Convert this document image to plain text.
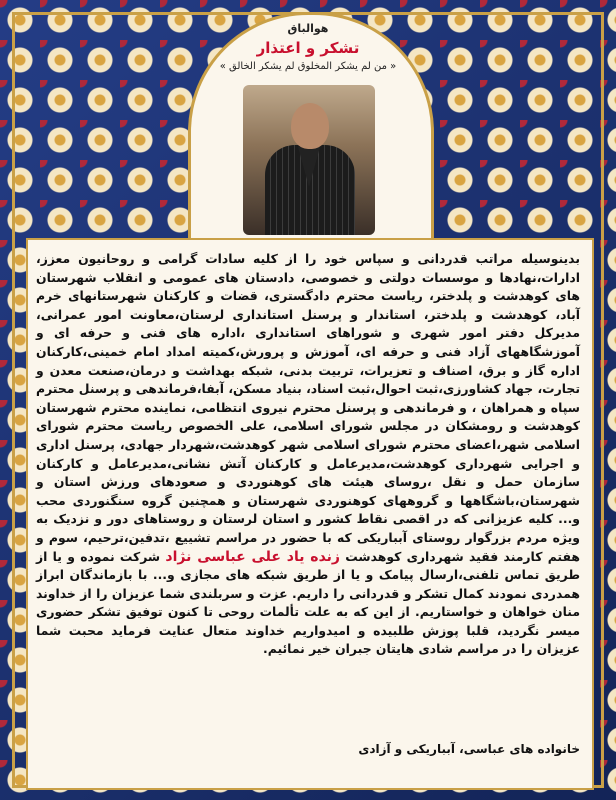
هوالباق
تشکر و اعتذار
« من لم یشکر المخلوق لم یشکر الخالق »
بدینوسیله مراتب قدردانی و سپاس خود را از کلیه سادات گرامی و روحانیون معزز، ادارات،نهادها و موسسات دولتی و خصوصی، دادستان های عمومی و انقلاب شهرستان های کوهدشت و پلدختر، ریاست محترم دادگستری، قضات و کارکنان شهرستانهای خرم آباد، کوهدشت و پلدختر، استاندار و پرسنل استانداری لرستان،معاونت امور عمرانی، مدیرکل دفتر امور شهری و شوراهای استانداری ،اداره های فنی و حرفه ای و آموزشگاههای آزاد فنی و حرفه ای، آموزش و پرورش،کمیته امداد امام خمینی،کارکنان اداره گاز و برق، اصناف و تعزیرات، تربیت بدنی، شبکه بهداشت و درمان،صنعت معدن و تجارت، جهاد کشاورزی،ثبت احوال،ثبت اسناد، بنیاد مسکن، آبفا،فرماندهی و پرسنل محترم سپاه و همراهان ، و فرماندهی و پرسنل محترم نیروی انتظامی، نماینده محترم شهرستان کوهدشت و رومشکان در مجلس شورای اسلامی، علی الخصوص ریاست محترم شورای اسلامی شهر،اعضای محترم شورای اسلامی شهر کوهدشت،شهردار جهادی، پرسنل اداری و اجرایی شهرداری کوهدشت،مدیرعامل و کارکنان آتش نشانی،مدیرعامل و کارکنان سازمان حمل و نقل ،روسای هیئت های کوهنوردی و صعودهای ورزش استان و شهرستان،باشگاهها و گروههای کوهنوردی شهرستان و همچنین گروه سنگنوردی محب و... کلیه عزیزانی که در اقصی نقاط کشور و استان لرستان و روستاهای دور و نزدیک به ویژه مردم بزرگوار روستای آبباریکی که با حضور در مراسم تشییع ،تدفین،ترحیم، سوم و هفتم کارمند فقید شهرداری کوهدشت زنده یاد علی عباسی نژاد شرکت نموده و یا از طریق تماس تلفنی،ارسال پیامک و یا از طریق شبکه های مجازی و... با بازماندگان ابراز همدردی نمودند کمال تشکر و قدردانی را داریم. عزت و سربلندی شما عزیزان را از خداوند منان خواهان و خواستاریم. از این که به علت تألمات روحی تا کنون توفیق تشکر حضوری میسر نگردید، قلبا پوزش طلبیده و امیدواریم خداوند متعال عنایت فرماید محبت شما عزیزان را در مراسم شادی هایتان جبران خیر نمائیم.
خانواده های عباسی، آبباریکی و آزادی
